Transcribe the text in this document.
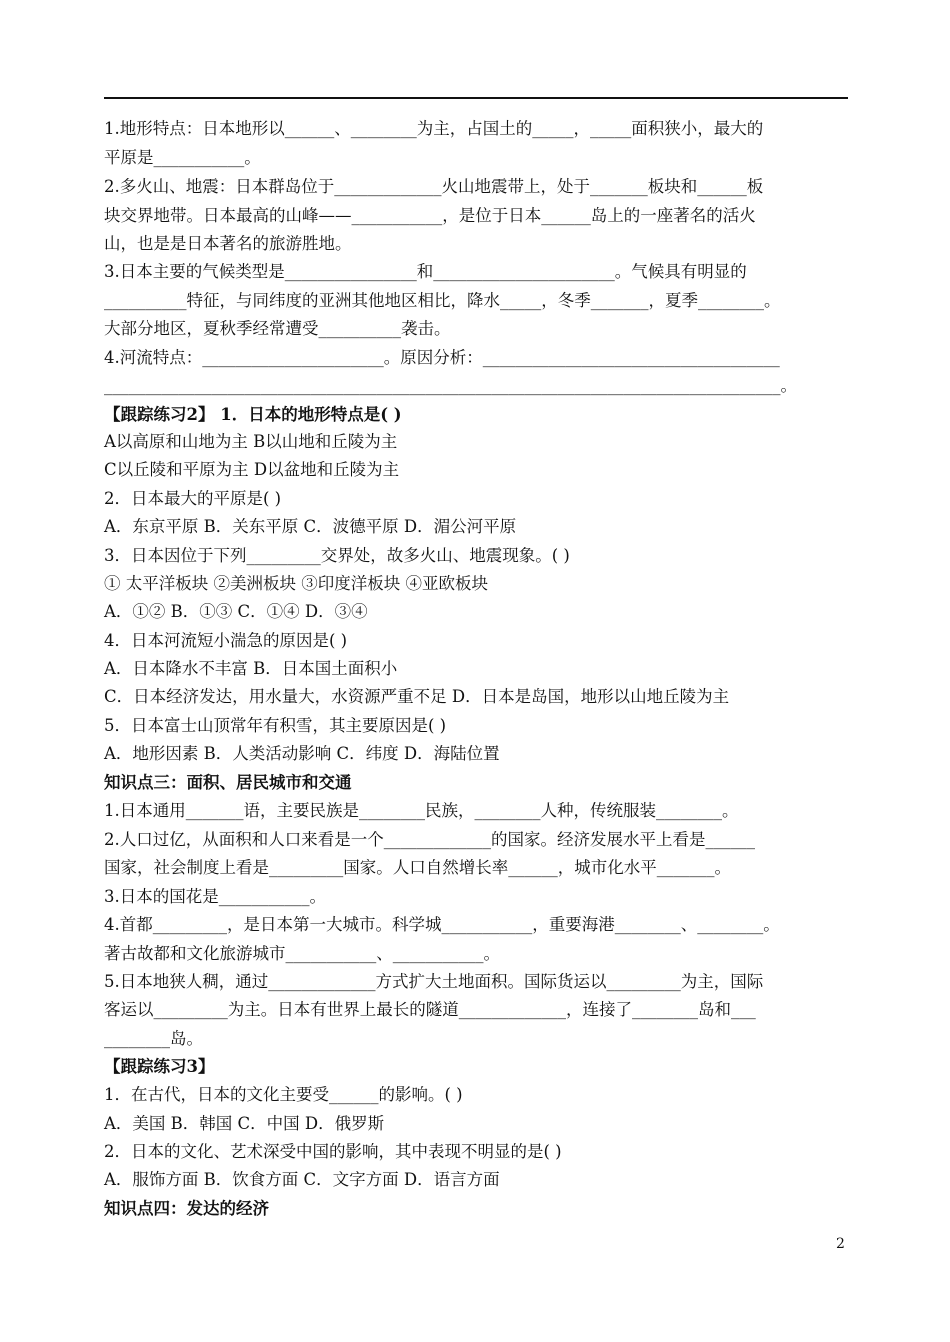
1.地形特点：日本地形以______、________为主，占国土的_____，_____面积狭小，最大的
平原是___________。
2.多火山、地震：日本群岛位于_____________火山地震带上，处于_______板块和______板
块交界地带。日本最高的山峰——___________，是位于日本______岛上的一座著名的活火
山，也是是日本著名的旅游胜地。
3.日本主要的气候类型是________________和______________________。气候具有明显的
__________特征，与同纬度的亚洲其他地区相比，降水_____，冬季_______，夏季________。
大部分地区，夏秋季经常遭受__________袭击。
4.河流特点：______________________。原因分析：____________________________________
__________________________________________________________________________________。
【跟踪练习2】 1．日本的地形特点是( )
A以高原和山地为主 B以山地和丘陵为主
C以丘陵和平原为主 D以盆地和丘陵为主
2．日本最大的平原是( )
A．东京平原 B．关东平原 C．波德平原 D．湄公河平原
3．日本因位于下列_________交界处，故多火山、地震现象。( )
① 太平洋板块 ②美洲板块 ③印度洋板块 ④亚欧板块
A．①② B．①③ C．①④ D．③④
4．日本河流短小湍急的原因是( )
A．日本降水不丰富 B．日本国土面积小
C．日本经济发达，用水量大，水资源严重不足 D．日本是岛国，地形以山地丘陵为主
5．日本富士山顶常年有积雪，其主要原因是( )
A．地形因素 B．人类活动影响 C．纬度 D．海陆位置
知识点三：面积、居民城市和交通
1.日本通用_______语，主要民族是________民族，________人种，传统服装________。
2.人口过亿，从面积和人口来看是一个_____________的国家。经济发展水平上看是______
国家，社会制度上看是_________国家。人口自然增长率______，城市化水平_______。
3.日本的国花是___________。
4.首都_________，是日本第一大城市。科学城___________，重要海港________、________。
著古故都和文化旅游城市___________、___________。
5.日本地狭人稠，通过_____________方式扩大土地面积。国际货运以_________为主，国际
客运以_________为主。日本有世界上最长的隧道_____________，连接了________岛和___
________岛。
【跟踪练习3】
1．在古代，日本的文化主要受______的影响。( )
A．美国 B．韩国 C．中国 D．俄罗斯
2．日本的文化、艺术深受中国的影响，其中表现不明显的是( )
A．服饰方面 B．饮食方面 C．文字方面 D．语言方面
知识点四：发达的经济
2
